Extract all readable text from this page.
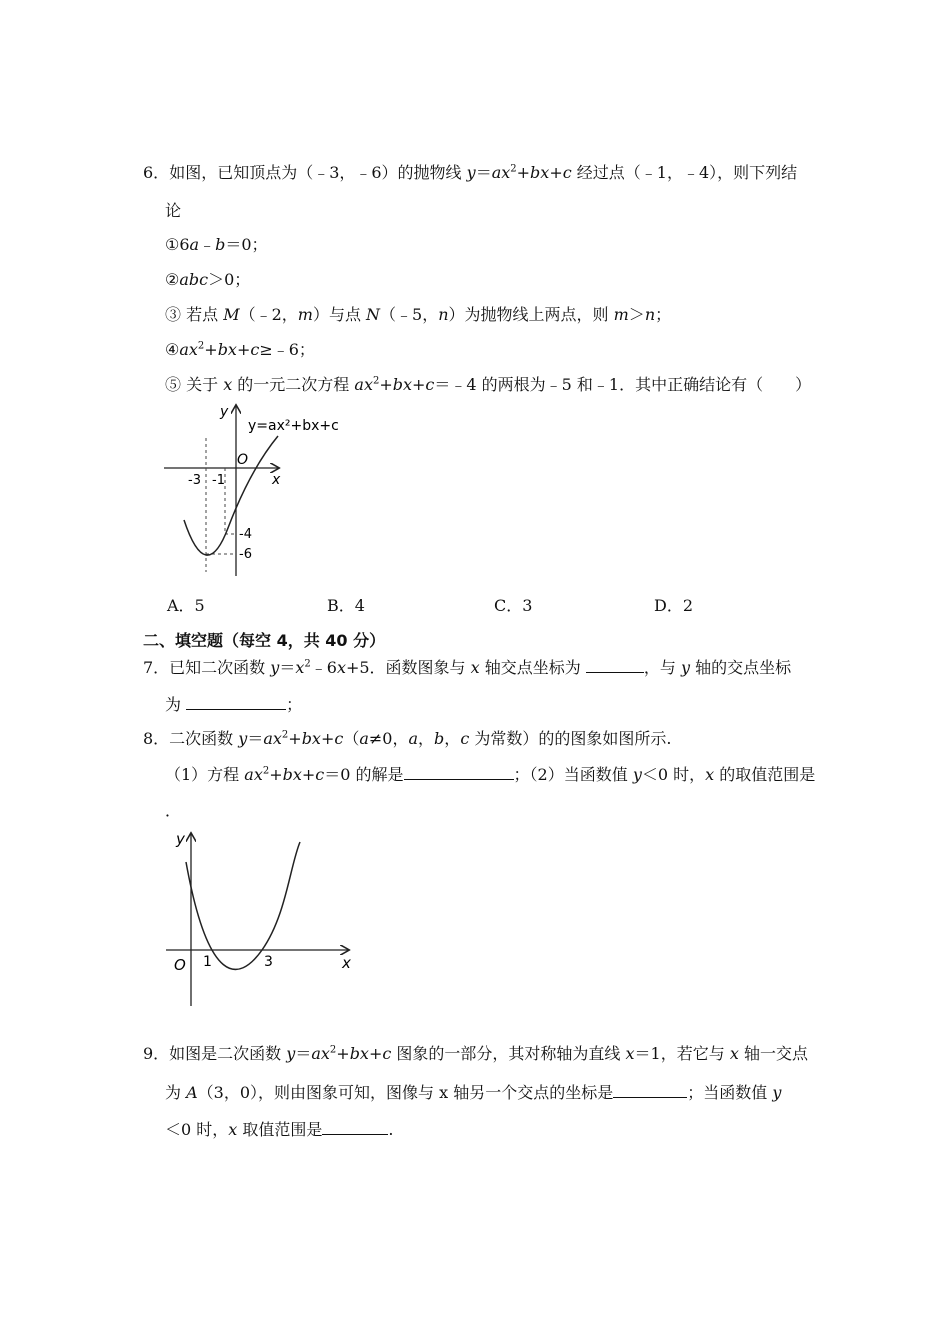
6．如图，已知顶点为（﹣3，﹣6）的抛物线 $y=ax^2+bx+c$ 经过点（﹣1，﹣4），则下列结
论
①6a﹣b＝0；
②abc＞0；
③ 若点 M（﹣2，m）与点 N（﹣5，n）为抛物线上两点，则 m＞n；
$④ax^2+bx+c\ge﹣6$；
⑤ 关于 x 的一元二次方程 $ax^2+bx+c=﹣4$ 的两根为﹣5 和﹣1．其中正确结论有（　　）
y
x
O
y=ax²+bx+c
-3 -1
-4
-6
A．5	B．4	C．3	D．2
二、填空题（每空 4，共 40 分）
7．已知二次函数 $y=x^2﹣6x+5$．函数图象与 x 轴交点坐标为	，与 y 轴的交点坐标
为	；
8．二次函数 $y=ax^2+bx+c(a\ne 0$，a，b，c 为常数）的的图象如图所示.
（1）方程 $ax^2+bx+c=0$ 的解是	；（2）当函数值 y＜0 时，x 的取值范围是
．
y
x
O 1	3
9．如图是二次函数 $y=ax^2+bx+c$ 图象的一部分，其对称轴为直线 x＝1，若它与 x 轴一交点
为 A（3，0），则由图象可知，图像与 x 轴另一个交点的坐标是	；当函数值 y
＜0 时，x 取值范围是	.
